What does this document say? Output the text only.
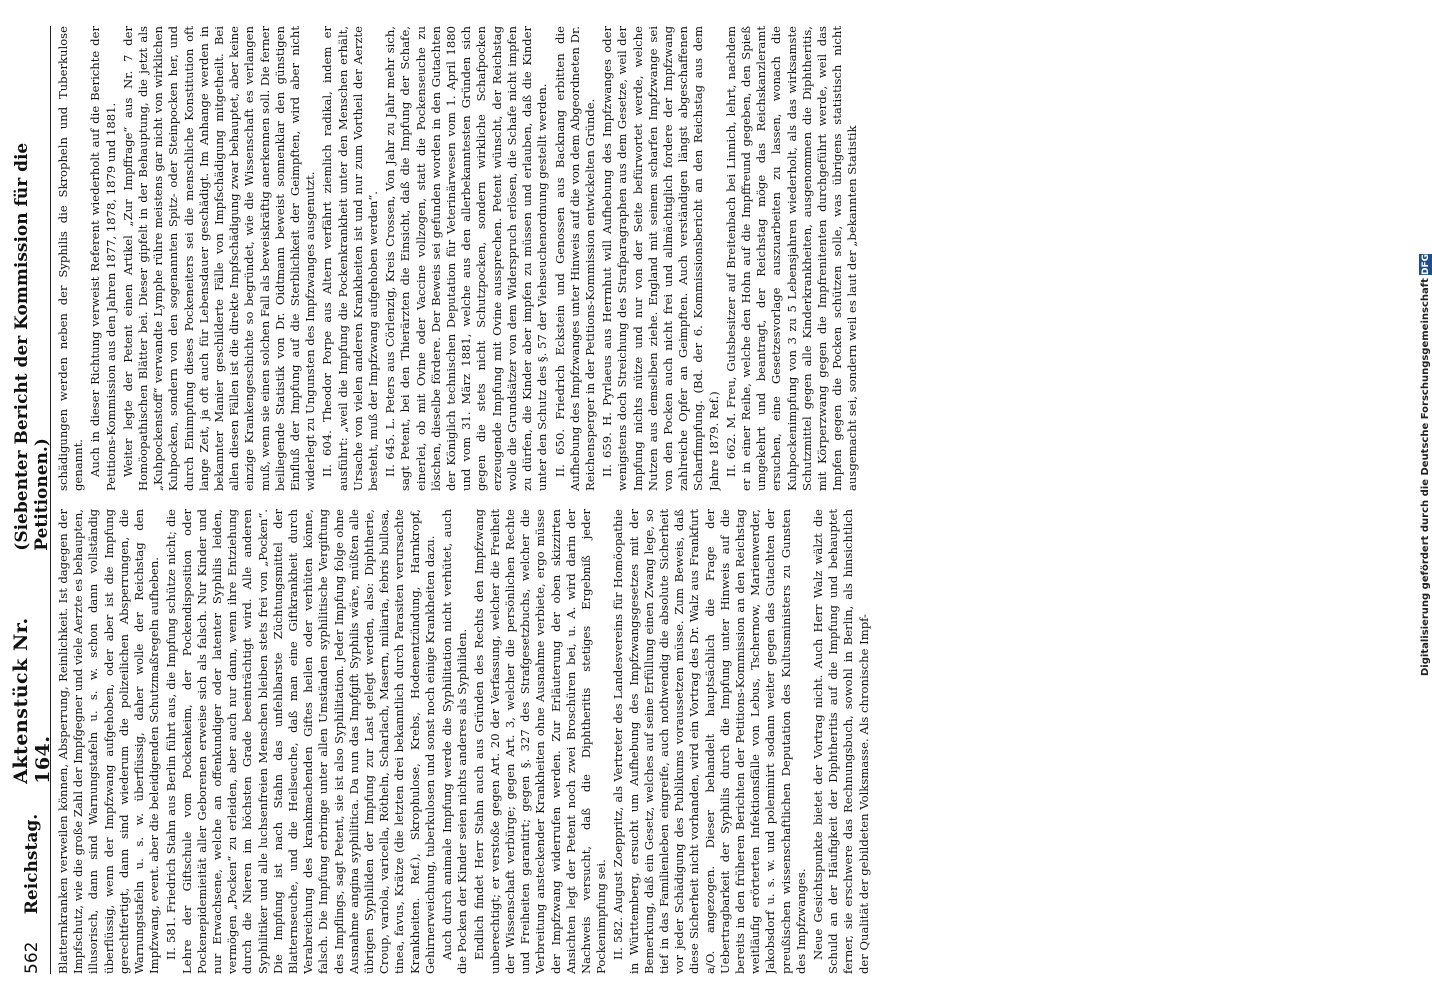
562
Reichstag.
Aktenstück Nr. 164.
(Siebenter Bericht der Kommission für die Petitionen.)

Blatternkranken verweilen können, Absperrung, Reinlichkeit. Ist dagegen der Impfschutz, wie die große Zahl der Impfgegner und viele Aerzte es behaupten, illusorisch, dann sind Warnungstafeln u. s. w. schon dann vollständig überflüssig, wenn der Impfzwang aufgehoben, oder aber ist die Impfung gerechtfertigt, dann sind wiederum die polizeilichen Absperrungen, die Warnungstafeln u. s. w. überflüssig, daher wolle der Reichstag den Impfzwang, event. aber die beleidigenden Schutzmaßregeln aufheben. II. 581. Friedrich Stahn aus Berlin führt aus, die Impfung schütze nicht; die Lehre der Giftschule vom Pockenkeim, der Pockendisposition oder Pockenepidemieität aller Geborenen erweise sich als falsch. Nur Kinder und nur Erwachsene, welche an offenkundiger oder latenter Syphilis leiden, vermögen „Pocken“ zu erleiden, aber auch nur dann, wenn ihre Entziehung durch die Nieren im höchsten Grade beeinträchtigt wird. Alle anderen Syphilitiker und alle luchsenfreien Menschen bleiben stets frei von „Pocken“. Die Impfung ist nach Stahn das unfehlbarste Züchtungsmittel der Blatternseuche, und die Heilseuche, daß man eine Giftkrankheit durch Verabreichung des krankmachenden Giftes heilen oder verhüten könne, falsch. Die Impfung erbringe unter allen Umständen syphilitische Vergiftung des Impflings, sagt Petent, sie ist also Syphilitation. Jeder Impfung folge ohne Ausnahme angina syphilitica. Da nun das Impfgift Syphilis wäre, müßten alle übrigen Syphiliden der Impfung zur Last gelegt werden, also: Diphtherie, Croup, variola, varicella, Rötheln, Scharlach, Masern, miliaria, febris bullosa, tinea, favus, Krätze (die letzten drei bekanntlich durch Parasiten verursachte Krankheiten. Ref.), Skrophulose, Krebs, Hodenentzündung, Harnkropf, Gehirnerweichung, tuberkulosen und sonst noch einige Krankheiten dazu. Auch durch animale Impfung werde die Syphilitation nicht verhütet, auch die Pocken der Kinder seien nichts anderes als Syphiliden. Endlich findet Herr Stahn auch aus Gründen des Rechts den Impfzwang unberechtigt; er verstoße gegen Art. 20 der Verfassung, welcher die Freiheit der Wissenschaft verbürge; gegen Art. 3, welcher die persönlichen Rechte und Freiheiten garantirt; gegen §. 327 des Strafgesetzbuchs, welcher die Verbreitung ansteckender Krankheiten ohne Ausnahme verbiete, ergo müsse der Impfzwang widerrufen werden. Zur Erläuterung der oben skizzirten Ansichten legt der Petent noch zwei Broschüren bei, u. A. wird darin der Nachweis versucht, daß die Diphtheritis stetiges Ergebniß jeder Pockenimpfung sei. II. 582. August Zoeppritz, als Vertreter des Landesvereins für Homöopathie in Württemberg, ersucht um Aufhebung des Impfzwangsgesetzes mit der Bemerkung, daß ein Gesetz, welches auf seine Erfüllung einen Zwang lege, so tief in das Familienleben eingreife, auch nothwendig die absolute Sicherheit vor jeder Schädigung des Publikums voraussetzen müsse. Zum Beweis, daß diese Sicherheit nicht vorhanden, wird ein Vortrag des Dr. Walz aus Frankfurt a/O. angezogen. Dieser behandelt hauptsächlich die Frage der Uebertragbarkeit der Syphilis durch die Impfung unter Hinweis auf die bereits in den früheren Berichten der Petitions-Kommission an den Reichstag weitläufig erörterten Infektionsfälle von Lebus, Tschernow, Marienwerder, Jakobsdorf u. s. w. und poleminirt sodann weiter gegen das Gutachten der preußischen wissenschaftlichen Deputation des Kultusministers zu Gunsten des Impfzwanges. Neue Gesichtspunkte bietet der Vortrag nicht. Auch Herr Walz wälzt die Schuld an der Häufigkeit der Diphtheritis auf die Impfung und behauptet ferner, sie erschwere das Rechnungsbuch, sowohl in Berlin, als hinsichtlich der Qualität der gebildeten Volksmasse. Als chronische Impf-

schädigungen werden neben der Syphilis die Skropheln und Tuberkulose genannt. Auch in dieser Richtung verweist Referent wiederholt auf die Berichte der Petitions-Kommission aus den Jahren 1877, 1878, 1879 und 1881. Weiter legte der Petent einen Artikel „Zur Impffrage“ aus Nr. 7 der Homöopathischen Blätter bei. Dieser gipfelt in der Behauptung, die jetzt als „Kuhpockenstoff“ verwandte Lymphe rühre meistens gar nicht von wirklichen Kuhpocken, sondern von den sogenannten Spitz- oder Steinpocken her, und durch Einimpfung dieses Pockeneiters sei die menschliche Konstitution oft lange Zeit, ja oft auch für Lebensdauer geschädigt. Im Anhange werden in bekannter Manier geschilderte Fälle von Impfschädigung mitgetheilt. Bei allen diesen Fällen ist die direkte Impfschädigung zwar behauptet, aber keine einzige Krankengeschichte so begründet, wie die Wissenschaft es verlangen muß, wenn sie einen solchen Fall als beweiskräftig anerkennen soll. Die ferner beiliegende Statistik von Dr. Oidtmann beweist sonnenklar den günstigen Einfluß der Impfung auf die Sterblichkeit der Geimpften, wird aber nicht widerlegt zu Ungunsten des Impfzwanges ausgenutzt. II. 604. Theodor Porpe aus Altern verfährt ziemlich radikal, indem er ausführt: „weil die Impfung die Pockenkrankheit unter den Menschen erhält, Ursache von vielen anderen Krankheiten ist und nur zum Vortheil der Aerzte besteht, muß der Impfzwang aufgehoben werden“. II. 645. L. Peters aus Cörlenzig, Kreis Crossen, Von Jahr zu Jahr mehr sich, sagt Petent, bei den Thierärzten die Einsicht, daß die Impfung der Schafe, einerlei, ob mit Ovine oder Vaccine vollzogen, statt die Pockenseuche zu löschen, dieselbe fördere. Der Beweis sei gefunden worden in den Gutachten der Königlich technischen Deputation für Veterinärwesen vom 1. April 1880 und vom 31. März 1881, welche aus den allerbekanntesten Gründen sich gegen die stets nicht Schutzpocken, sondern wirkliche Schafpocken erzeugende Impfung mit Ovine aussprechen. Petent wünscht, der Reichstag wolle die Grundsätzer von dem Widerspruch erlösen, die Schafe nicht impfen zu dürfen, die Kinder aber impfen zu müssen und erlauben, daß die Kinder unter den Schutz des §. 57 der Viehseuchenordnung gestellt werden. II. 650. Friedrich Eckstein und Genossen aus Backnang erbitten die Aufhebung des Impfzwanges unter Hinweis auf die von dem Abgeordneten Dr. Reichensperger in der Petitions-Kommission entwickelten Gründe. II. 659. H. Pyrlaeus aus Herrnhut will Aufhebung des Impfzwanges oder wenigstens doch Streichung des Strafparagraphen aus dem Gesetze, weil der Impfung nichts nütze und nur von der Seite befürwortet werde, welche Nutzen aus demselben ziehe. England mit seinem scharfen Impfzwange sei von den Pocken auch nicht frei und allmächtiglich fordere der Impfzwang zahlreiche Opfer an Geimpften. Auch verständigen längst abgeschaffenen Scharfimpfung. (Bd. der 6. Kommissionsbericht an den Reichstag aus dem Jahre 1879. Ref.) II. 662. M. Freu, Gutsbesitzer auf Breitenbach bei Linnich, lehrt, nachdem er in einer Reihe, welche den Hohn auf die Impffreund gegeben, den Spieß umgekehrt und beantragt, der Reichstag möge das Reichskanzleramt ersuchen, eine Gesetzesvorlage auszuarbeiten zu lassen, wonach die Kuhpockenimpfung von 3 zu 5 Lebensjahren wiederholt, als das wirksamste Schutzmittel gegen alle Kinderkrankheiten, ausgenommen die Diphtheritis, mit Körperzwang gegen die Impfrenitenten durchgeführt werde, weil das Impfen gegen die Pocken schützen solle, was übrigens statistisch nicht ausgemacht sei, sondern weil es laut der „bekannten Statistik	Digitalisierung gefördert durch die Deutsche Forschungsgemeinschaft DFG
